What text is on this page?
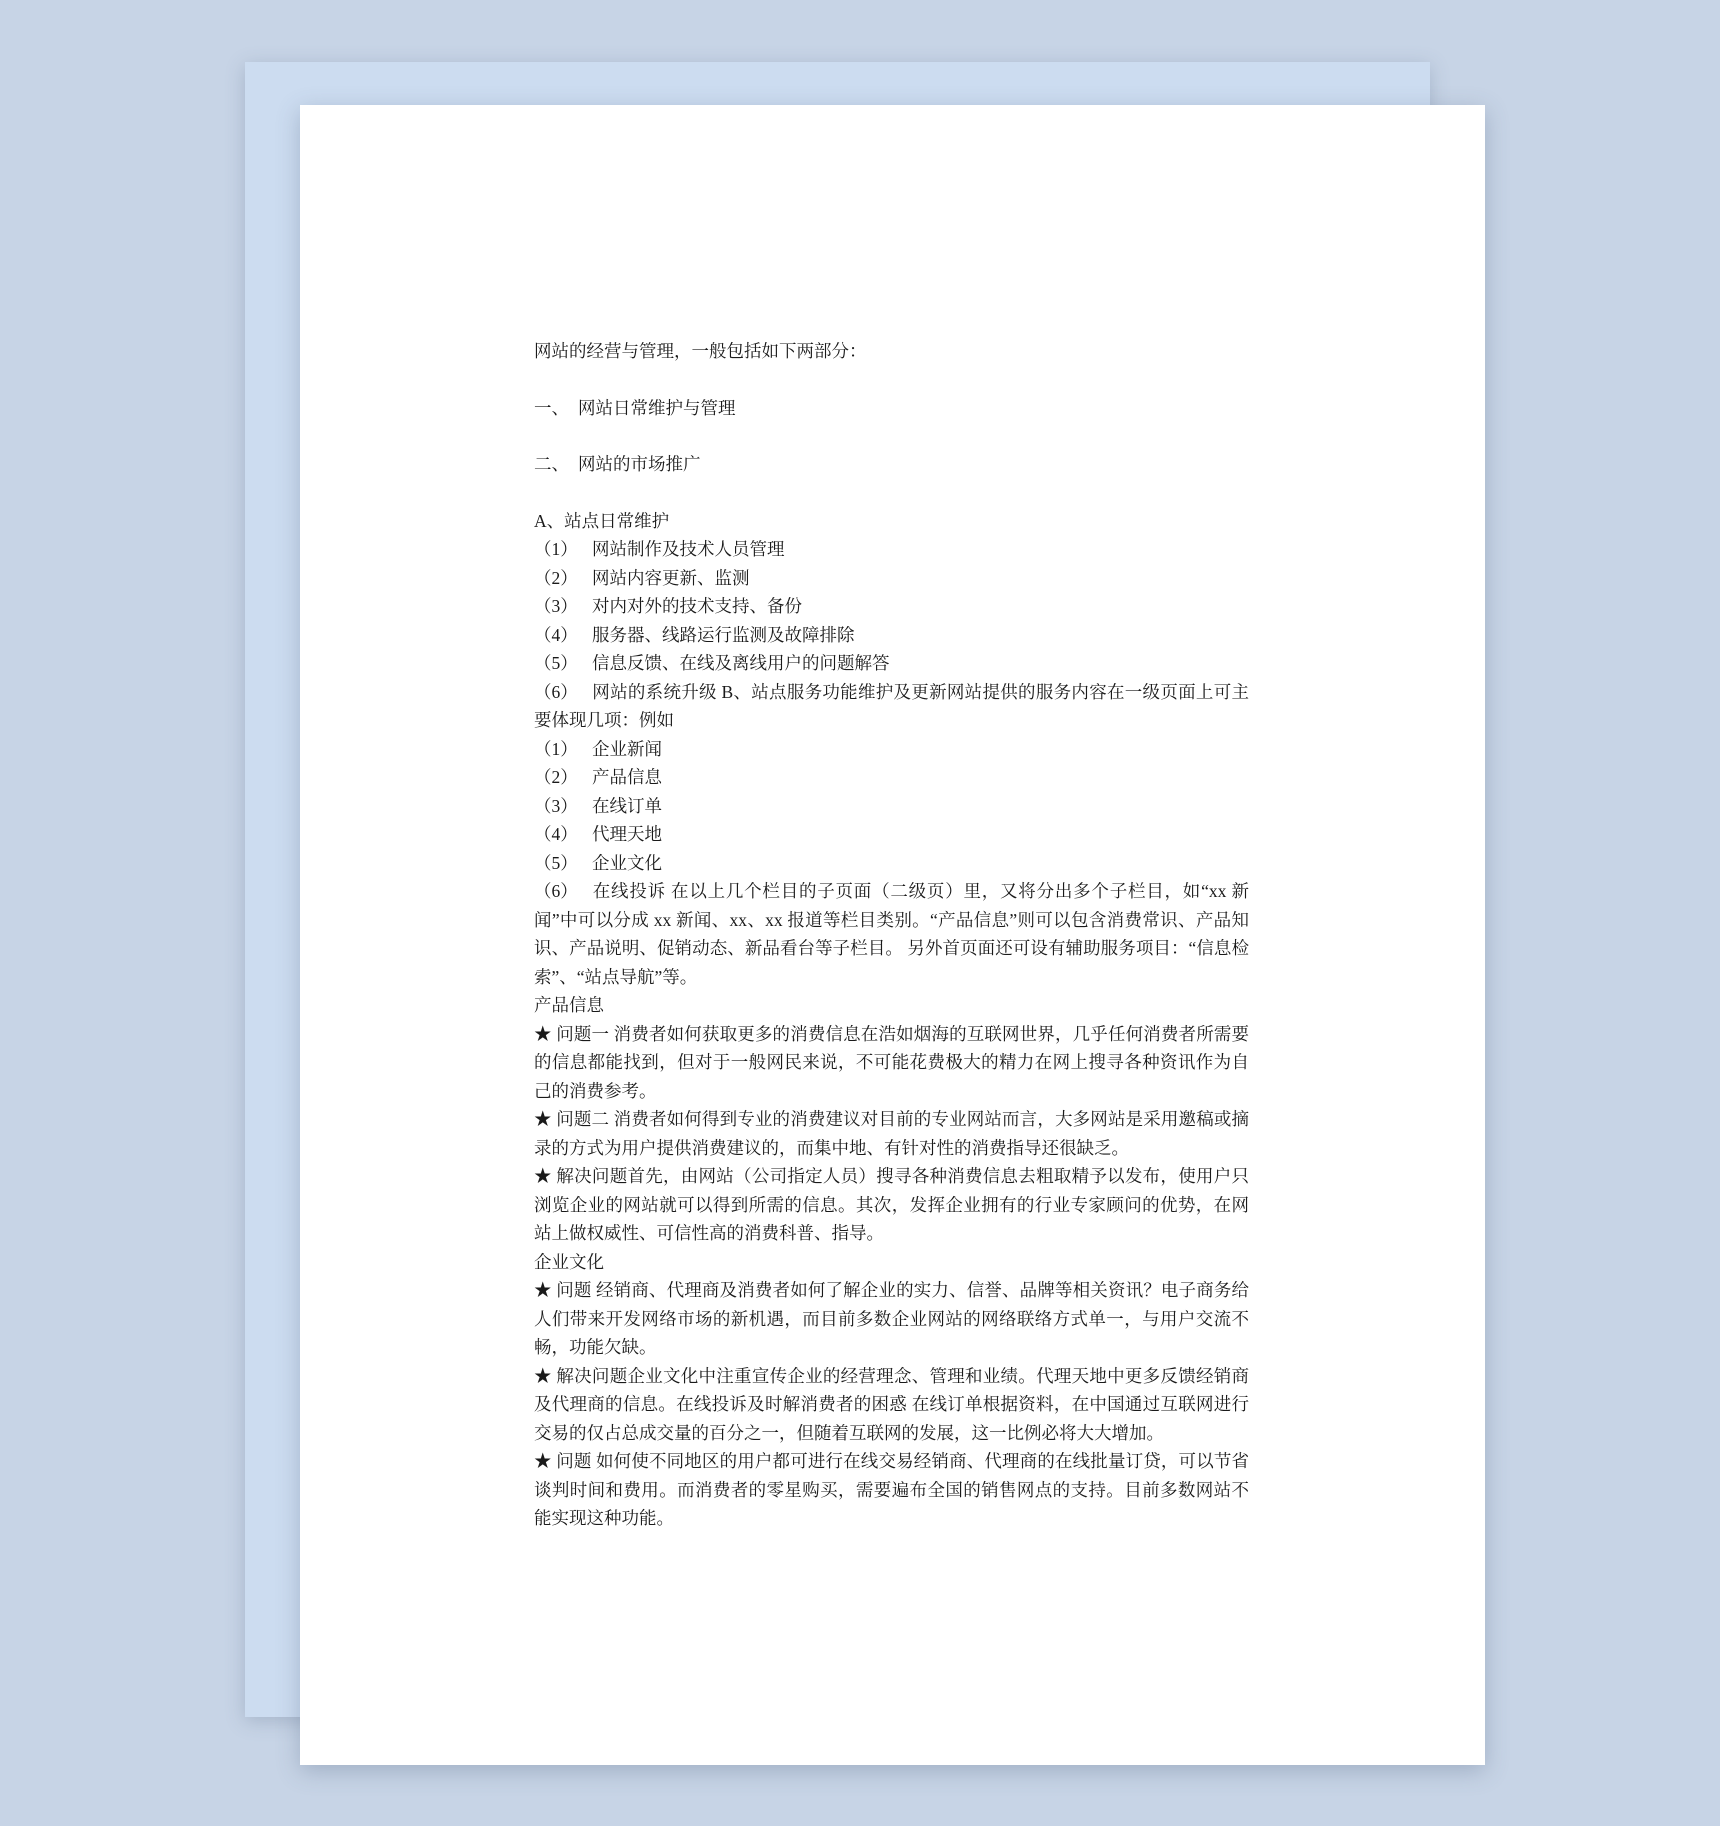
网站的经营与管理，一般包括如下两部分：

一、 网站日常维护与管理

二、 网站的市场推广

A、站点日常维护

（1） 网站制作及技术人员管理

（2） 网站内容更新、监测

（3） 对内对外的技术支持、备份

（4） 服务器、线路运行监测及故障排除

（5） 信息反馈、在线及离线用户的问题解答

（6） 网站的系统升级 B、站点服务功能维护及更新网站提供的服务内容在一级页面上可主要体现几项：例如

（1） 企业新闻

（2） 产品信息

（3） 在线订单

（4） 代理天地

（5） 企业文化

（6） 在线投诉 在以上几个栏目的子页面（二级页）里，又将分出多个子栏目，如“xx 新闻”中可以分成 xx 新闻、xx、xx 报道等栏目类别。“产品信息”则可以包含消费常识、产品知识、产品说明、促销动态、新品看台等子栏目。 另外首页面还可设有辅助服务项目：“信息检索”、“站点导航”等。

产品信息

★ 问题一 消费者如何获取更多的消费信息在浩如烟海的互联网世界，几乎任何消费者所需要的信息都能找到，但对于一般网民来说，不可能花费极大的精力在网上搜寻各种资讯作为自己的消费参考。

★ 问题二 消费者如何得到专业的消费建议对目前的专业网站而言，大多网站是采用邀稿或摘录的方式为用户提供消费建议的，而集中地、有针对性的消费指导还很缺乏。

★ 解决问题首先，由网站（公司指定人员）搜寻各种消费信息去粗取精予以发布，使用户只浏览企业的网站就可以得到所需的信息。其次，发挥企业拥有的行业专家顾问的优势，在网站上做权威性、可信性高的消费科普、指导。

企业文化

★ 问题 经销商、代理商及消费者如何了解企业的实力、信誉、品牌等相关资讯？电子商务给人们带来开发网络市场的新机遇，而目前多数企业网站的网络联络方式单一，与用户交流不畅，功能欠缺。

★ 解决问题企业文化中注重宣传企业的经营理念、管理和业绩。代理天地中更多反馈经销商及代理商的信息。在线投诉及时解消费者的困惑 在线订单根据资料，在中国通过互联网进行交易的仅占总成交量的百分之一，但随着互联网的发展，这一比例必将大大增加。

★ 问题 如何使不同地区的用户都可进行在线交易经销商、代理商的在线批量订贷，可以节省谈判时间和费用。而消费者的零星购买，需要遍布全国的销售网点的支持。目前多数网站不能实现这种功能。
